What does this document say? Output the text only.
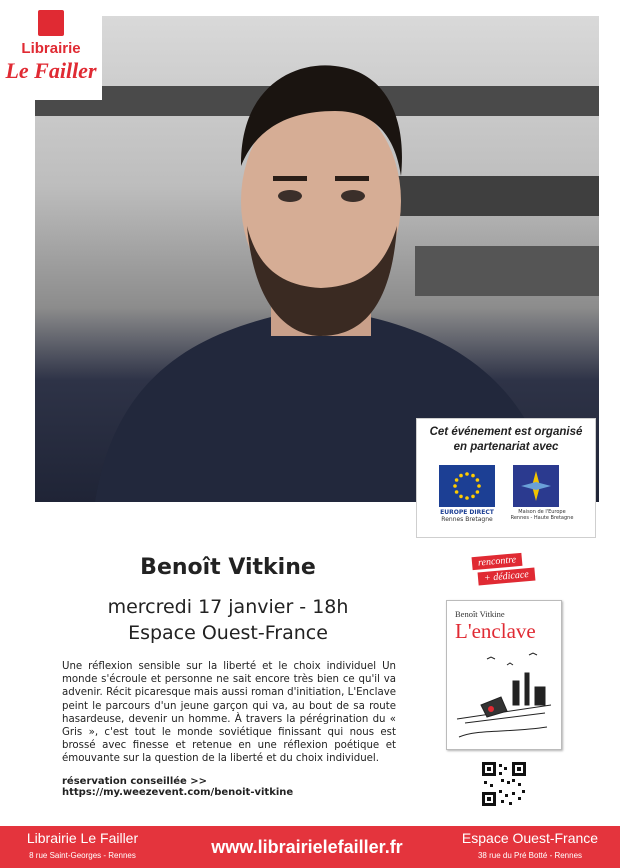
Librairie
Le Failler
Cet événement est organisé
en partenariat avec
EUROPE DIRECT
Rennes Bretagne
Maison de l'Europe
Rennes - Haute Bretagne
Benoît Vitkine
mercredi 17 janvier - 18h
Espace Ouest-France
Une réflexion sensible sur la liberté et le choix individuel Un monde s'écroule et personne ne sait encore très bien ce qu'il va advenir. Récit picaresque mais aussi roman d'initiation, L'Enclave peint le parcours d'un jeune garçon qui va, au bout de sa route hasardeuse, devenir un homme. À travers la pérégrination du « Gris », c'est tout le monde soviétique finissant qui nous est brossé avec finesse et retenue en une réflexion poétique et émouvante sur la question de la liberté et du choix individuel.
réservation conseillée >> https://my.weezevent.com/benoit-vitkine
rencontre
+ dédicace
Benoît Vitkine
L'enclave
Librairie Le Failler
8 rue Saint-Georges - Rennes	www.librairielefailler.fr	Espace Ouest-France
38 rue du Pré Botté - Rennes
